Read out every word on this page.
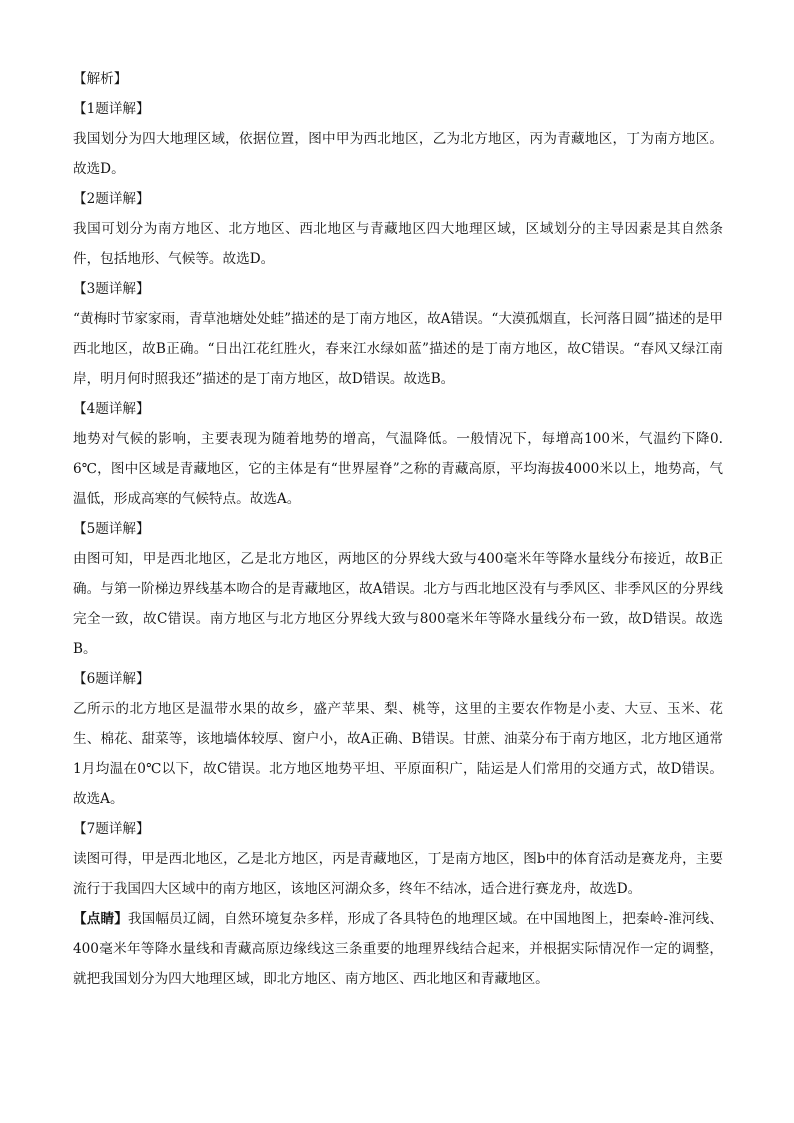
【解析】
【1题详解】
我国划分为四大地理区域，依据位置，图中甲为西北地区，乙为北方地区，丙为青藏地区，丁为南方地区。故选D。
【2题详解】
我国可划分为南方地区、北方地区、西北地区与青藏地区四大地理区域，区域划分的主导因素是其自然条件，包括地形、气候等。故选D。
【3题详解】
“黄梅时节家家雨，青草池塘处处蛙”描述的是丁南方地区，故A错误。“大漠孤烟直，长河落日圆”描述的是甲西北地区，故B正确。“日出江花红胜火，春来江水绿如蓝”描述的是丁南方地区，故C错误。“春风又绿江南岸，明月何时照我还”描述的是丁南方地区，故D错误。故选B。
【4题详解】
地势对气候的影响，主要表现为随着地势的增高，气温降低。一般情况下，每增高100米，气温约下降0.6℃，图中区域是青藏地区，它的主体是有“世界屋脊”之称的青藏高原，平均海拔4000米以上，地势高，气温低，形成高寒的气候特点。故选A。
【5题详解】
由图可知，甲是西北地区，乙是北方地区，两地区的分界线大致与400毫米年等降水量线分布接近，故B正确。与第一阶梯边界线基本吻合的是青藏地区，故A错误。北方与西北地区没有与季风区、非季风区的分界线完全一致，故C错误。南方地区与北方地区分界线大致与800毫米年等降水量线分布一致，故D错误。故选B。
【6题详解】
乙所示的北方地区是温带水果的故乡，盛产苹果、梨、桃等，这里的主要农作物是小麦、大豆、玉米、花生、棉花、甜菜等，该地墙体较厚、窗户小，故A正确、B错误。甘蔗、油菜分布于南方地区，北方地区通常1月均温在0℃以下，故C错误。北方地区地势平坦、平原面积广，陆运是人们常用的交通方式，故D错误。故选A。
【7题详解】
读图可得，甲是西北地区，乙是北方地区，丙是青藏地区，丁是南方地区，图b中的体育活动是赛龙舟，主要流行于我国四大区域中的南方地区，该地区河湖众多，终年不结冰，适合进行赛龙舟，故选D。
【点睛】我国幅员辽阔，自然环境复杂多样，形成了各具特色的地理区域。在中国地图上，把秦岭-淮河线、400毫米年等降水量线和青藏高原边缘线这三条重要的地理界线结合起来，并根据实际情况作一定的调整，就把我国划分为四大地理区域，即北方地区、南方地区、西北地区和青藏地区。
